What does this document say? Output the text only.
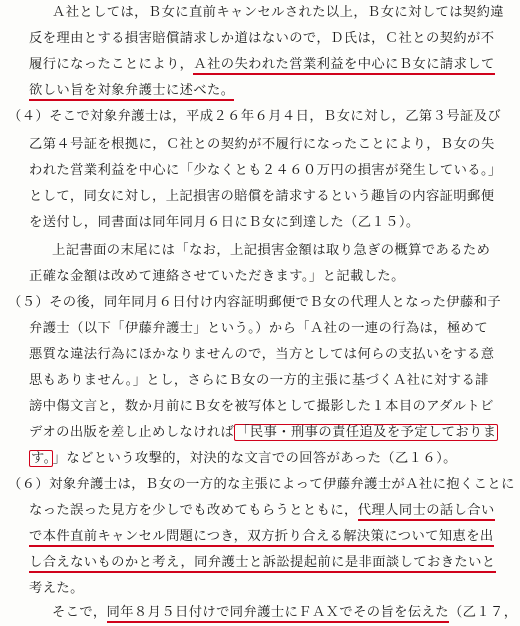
Ａ社としては，Ｂ女に直前キャンセルされた以上，Ｂ女に対しては契約違
反を理由とする損害賠償請求しか道はないので，Ｄ氏は，Ｃ社との契約が不
履行になったことにより，Ａ社の失われた営業利益を中心にＢ女に請求して
欲しい旨を対象弁護士に述べた。
（４）そこで対象弁護士は，平成２６年６月４日，Ｂ女に対し，乙第３号証及び
乙第４号証を根拠に，Ｃ社との契約が不履行になったことにより，Ｂ女の失
われた営業利益を中心に「少なくとも２４６０万円の損害が発生している。」
として，同女に対し，上記損害の賠償を請求するという趣旨の内容証明郵便
を送付し，同書面は同年同月６日にＢ女に到達した（乙１５）。
上記書面の末尾には「なお，上記損害金額は取り急ぎの概算であるため
正確な金額は改めて連絡させていただきます。」と記載した。
（５）その後，同年同月６日付け内容証明郵便でＢ女の代理人となった伊藤和子
弁護士（以下「伊藤弁護士」という。）から「Ａ社の一連の行為は，極めて
悪質な違法行為にほかなりませんので，当方としては何らの支払いをする意
思もありません。」とし，さらにＢ女の一方的主張に基づくＡ社に対する誹
謗中傷文言と，数か月前にＢ女を被写体として撮影した１本目のアダルトビ
デオの出版を差し止めしなければ 「民事・刑事の責任追及を予定しておりま
す。 」などという攻撃的，対決的な文言での回答があった（乙１６）。
（６）対象弁護士は，Ｂ女の一方的な主張によって伊藤弁護士がＡ社に抱くことに
なった誤った見方を少しでも改めてもらうとともに，代理人同士の話し合い
で本件直前キャンセル問題につき，双方折り合える解決策について知恵を出
し合えないものかと考え，同弁護士と訴訟提起前に是非面談しておきたいと
考えた。
そこで，同年８月５日付けで同弁護士にＦＡＸでその旨を伝えた（乙１７，
